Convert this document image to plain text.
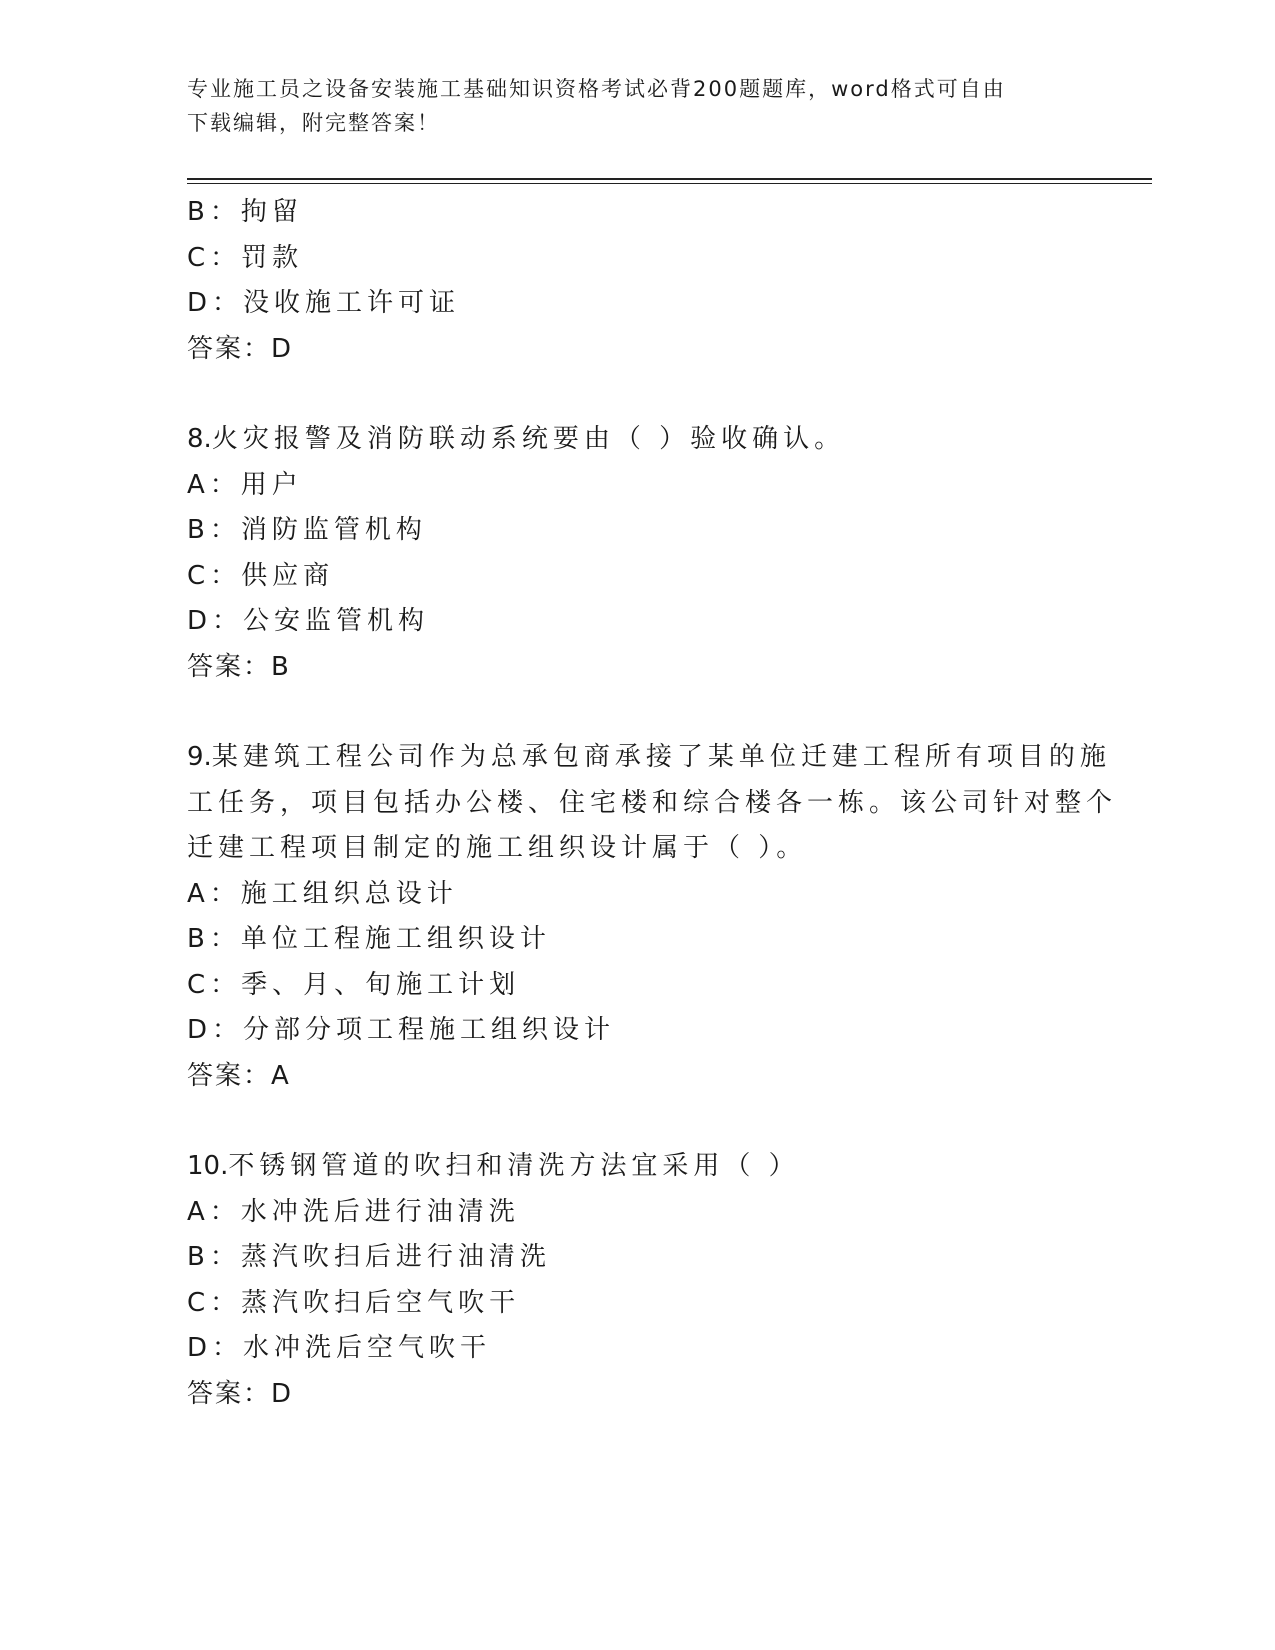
专业施工员之设备安装施工基础知识资格考试必背200题题库，word格式可自由
下载编辑，附完整答案！
B：拘留
C：罚款
D：没收施工许可证
答案：D
8.火灾报警及消防联动系统要由（ ）验收确认。
A：用户
B：消防监管机构
C：供应商
D：公安监管机构
答案：B
9.某建筑工程公司作为总承包商承接了某单位迁建工程所有项目的施
工任务，项目包括办公楼、住宅楼和综合楼各一栋。该公司针对整个
迁建工程项目制定的施工组织设计属于（ ）。
A：施工组织总设计
B：单位工程施工组织设计
C：季、月、旬施工计划
D：分部分项工程施工组织设计
答案：A
10.不锈钢管道的吹扫和清洗方法宜采用（ ）
A：水冲洗后进行油清洗
B：蒸汽吹扫后进行油清洗
C：蒸汽吹扫后空气吹干
D：水冲洗后空气吹干
答案：D
